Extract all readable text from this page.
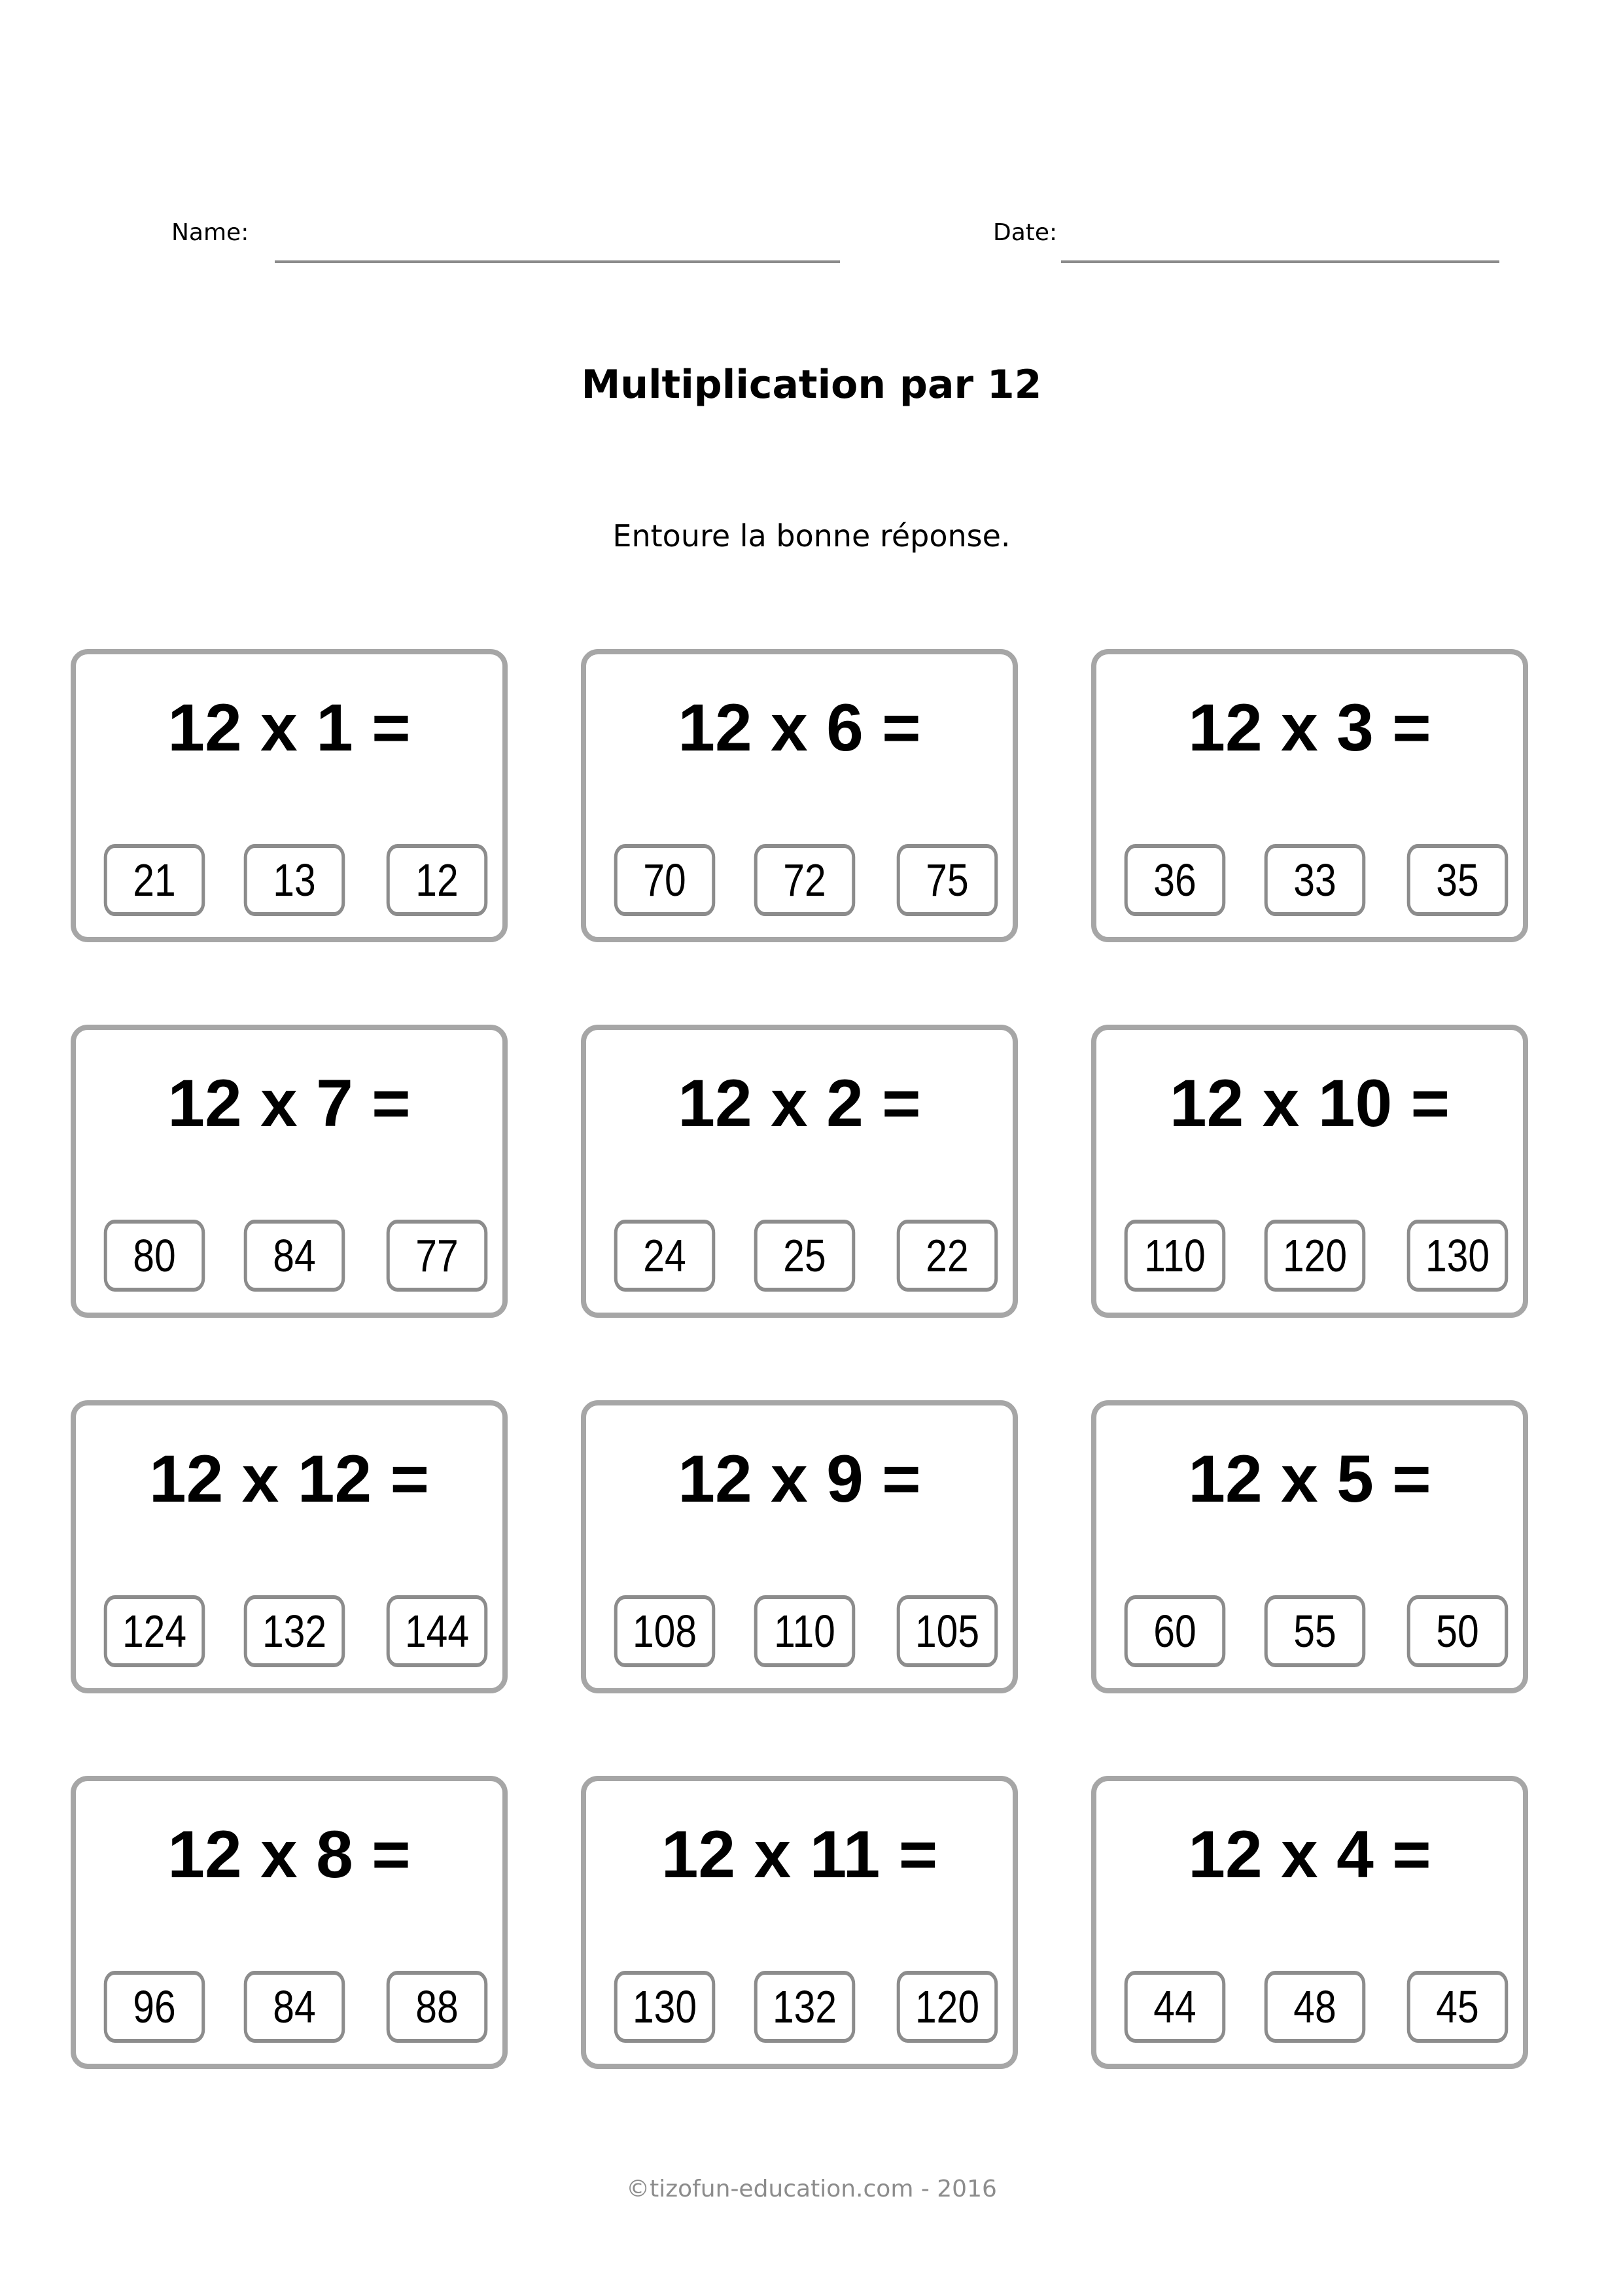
Name:	Date:
Multiplication par 12
Entoure la bonne réponse.
12 x 1 =
21	13	12
12 x 6 =
70	72	75
12 x 3 =
36	33	35
12 x 7 =
80	84	77
12 x 2 =
24	25	22
12 x 10 =
110	120	130
12 x 12 =
124	132	144
12 x 9 =
108	110	105
12 x 5 =
60	55	50
12 x 8 =
96	84	88
12 x 11 =
130	132	120
12 x 4 =
44	48	45
©tizofun-education.com - 2016
